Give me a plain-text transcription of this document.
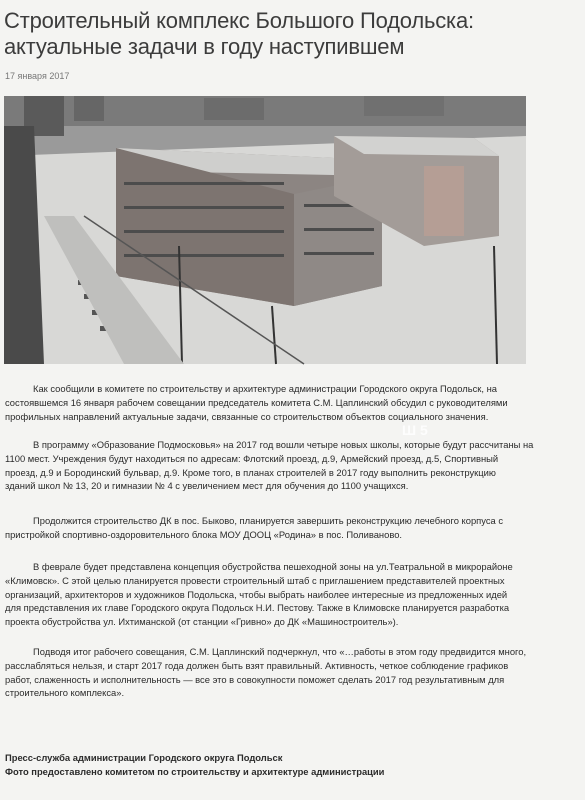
Строительный комплекс Большого Подольска:
актуальные задачи в году наступившем
17 января 2017
Ш 5
Как сообщили в комитете по строительству и архитектуре администрации Городского округа Подольск, на
состоявшемся 16 января рабочем совещании председатель комитета С.М. Цаплинский обсудил с руководителями
профильных направлений актуальные задачи, связанные со строительством объектов социального значения.
В программу «Образование Подмосковья» на 2017 год вошли четыре новых школы, которые будут рассчитаны на
1100 мест. Учреждения будут находиться по адресам: Флотский проезд, д.9, Армейский проезд, д.5, Спортивный
проезд, д.9 и Бородинский бульвар, д.9. Кроме того, в планах строителей в 2017 году выполнить реконструкцию
зданий школ № 13, 20 и гимназии № 4 с увеличением мест для обучения до 1100 учащихся.
Продолжится строительство ДК в пос. Быково, планируется завершить реконструкцию лечебного корпуса с
пристройкой спортивно-оздоровительного блока МОУ ДООЦ «Родина» в пос. Поливаново.
В феврале будет представлена концепция обустройства пешеходной зоны на ул.Театральной в микрорайоне
«Климовск». С этой целью планируется провести строительный штаб с приглашением представителей проектных
организаций, архитекторов и художников Подольска, чтобы выбрать наиболее интересные из предложенных идей
для представления их главе Городского округа Подольск Н.И. Пестову. Также в Климовске планируется разработка
проекта обустройства ул. Ихтиманской (от станции «Гривно» до ДК «Машиностроитель»).
Подводя итог рабочего совещания, С.М. Цаплинский подчеркнул, что «…работы в этом году предвидится много,
расслабляться нельзя, и старт 2017 года должен быть взят правильный. Активность, четкое соблюдение графиков
работ, слаженность и исполнительность — все это в совокупности поможет сделать 2017 год результативным для
строительного комплекса».
Пресс-служба администрации Городского округа Подольск
Фото предоставлено комитетом по строительству и архитектуре администрации
